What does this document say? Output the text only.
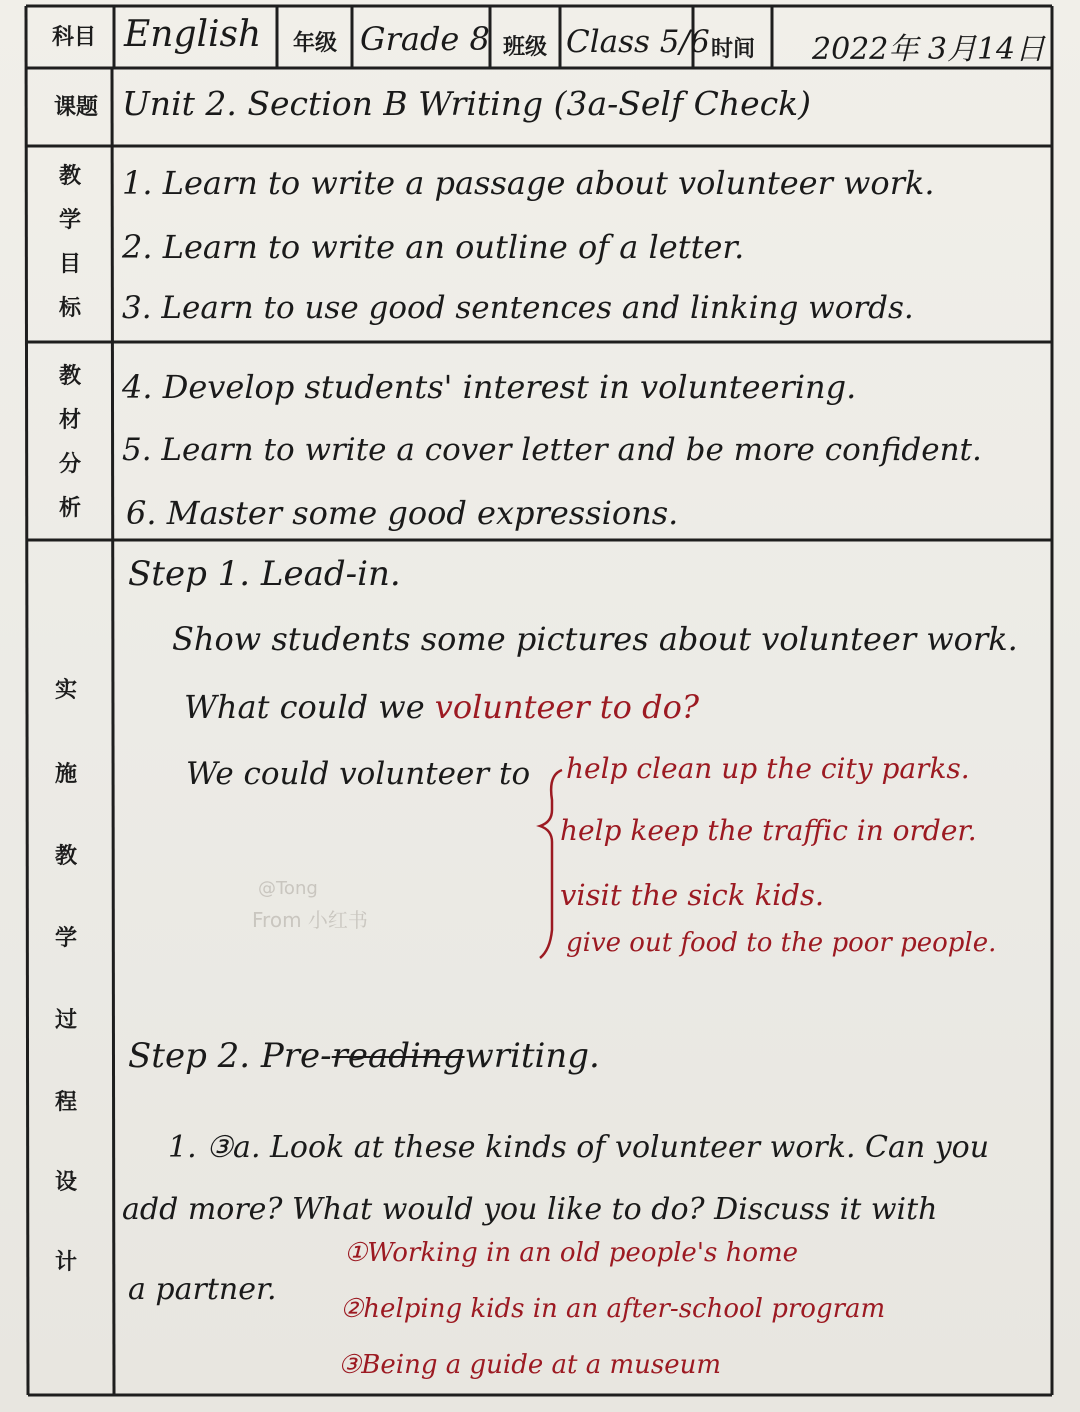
@Tong
From 小红书
科目 English	年级 Grade 8 班级 Class 5/6 时间	2022年 3月14日
课题 Unit 2. Section B Writing (3a-Self Check)
教
学
目
标
1. Learn to write a passage about volunteer work.
2. Learn to write an outline of a letter.
3. Learn to use good sentences and linking words.
教
材
分
析
4. Develop students' interest in volunteering.
5. Learn to write a cover letter and be more confident.
6. Master some good expressions.
实
施
教
学
过
程
设
计
Step 1. Lead-in.
Show students some pictures about volunteer work.
What could we volunteer to do?
We could volunteer to help clean up the city parks.
help keep the traffic in order.
visit the sick kids.
give out food to the poor people.
Step 2. Pre-readingwriting.
1. ③a. Look at these kinds of volunteer work. Can you
add more? What would you like to do? Discuss it with
a partner.
①Working in an old people's home
②helping kids in an after-school program
③Being a guide at a museum
